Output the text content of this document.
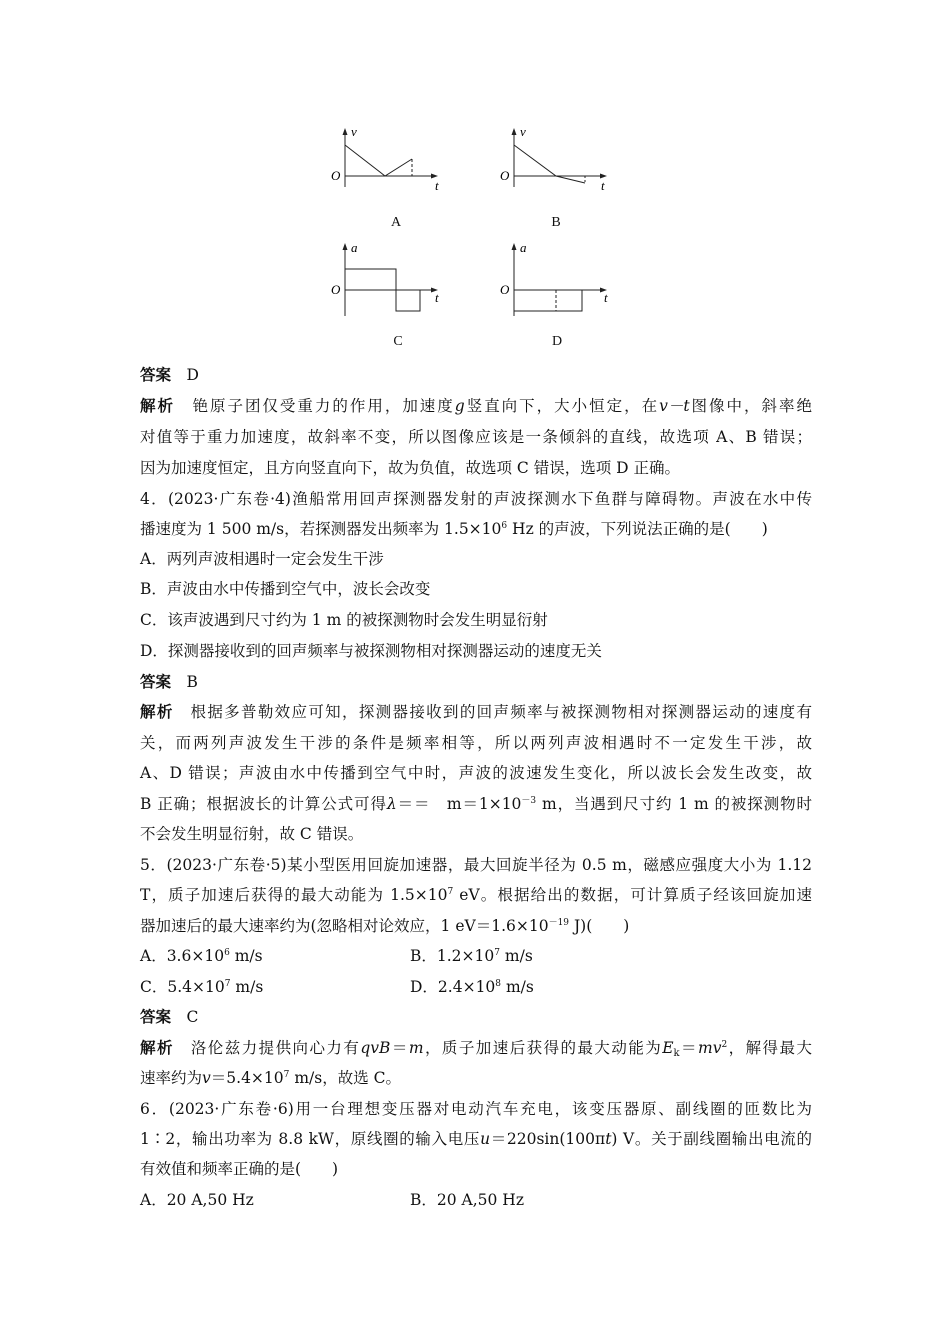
v
O
t
A
v
O
t
B
a
O
t
C
a
O
t
D
答案　 D
解析　 铯原子团仅受重力的作用，加速度g竖直向下，大小恒定，在v－t图像中，斜率绝
对值等于重力加速度，故斜率不变，所以图像应该是一条倾斜的直线，故选项 A、B 错误；
因为加速度恒定，且方向竖直向下，故为负值，故选项 C 错误，选项 D 正确。
4．(2023·广东卷·4)渔船常用回声探测器发射的声波探测水下鱼群与障碍物。声波在水中传
播速度为 1 500 m/s，若探测器发出频率为 $1.5\times 10^6$ Hz 的声波，下列说法正确的是(　　)
A．两列声波相遇时一定会发生干涉
B．声波由水中传播到空气中，波长会改变
C．该声波遇到尺寸约为 1 m 的被探测物时会发生明显衍射
D．探测器接收到的回声频率与被探测物相对探测器运动的速度无关
答案　 B
解析　 根据多普勒效应可知，探测器接收到的回声频率与被探测物相对探测器运动的速度有
关，而两列声波发生干涉的条件是频率相等，所以两列声波相遇时不一定发生干涉，故
A、D 错误；声波由水中传播到空气中时，声波的波速发生变化，所以波长会发生改变，故
B 正确；根据波长的计算公式可得λ＝＝　$m=1\times 10^{-3}$ m，当遇到尺寸约 1 m 的被探测物时
不会发生明显衍射，故 C 错误。
5．(2023·广东卷·5)某小型医用回旋加速器，最大回旋半径为 0.5 m，磁感应强度大小为 1.12
T，质子加速后获得的最大动能为 $1.5\times 10^7$ eV。根据给出的数据，可计算质子经该回旋加速
器加速后的最大速率约为(忽略相对论效应，1 $eV=1.6\times 10^{-19}$ J)(　　)
A．$3.6\times 10^6$ m/s	B．$1.2\times 10^7$ m/s
C．$5.4\times 10^7$ m/s	D．$2.4\times 10^8$ m/s
答案　 C
解析　 洛伦兹力提供向心力有qvB＝m，质子加速后获得的最大动能为$E_k=mv^2$，解得最大
速率约为$v=5.4\times 10^7$ m/s，故选 C。
6．(2023·广东卷·6)用一台理想变压器对电动汽车充电，该变压器原、副线圈的匝数比为
1∶2，输出功率为 8.8 kW，原线圈的输入电压u＝220sin(100πt) V。关于副线圈输出电流的
有效值和频率正确的是(　　)
A．20 A,50 Hz	B．20 A,50 Hz
